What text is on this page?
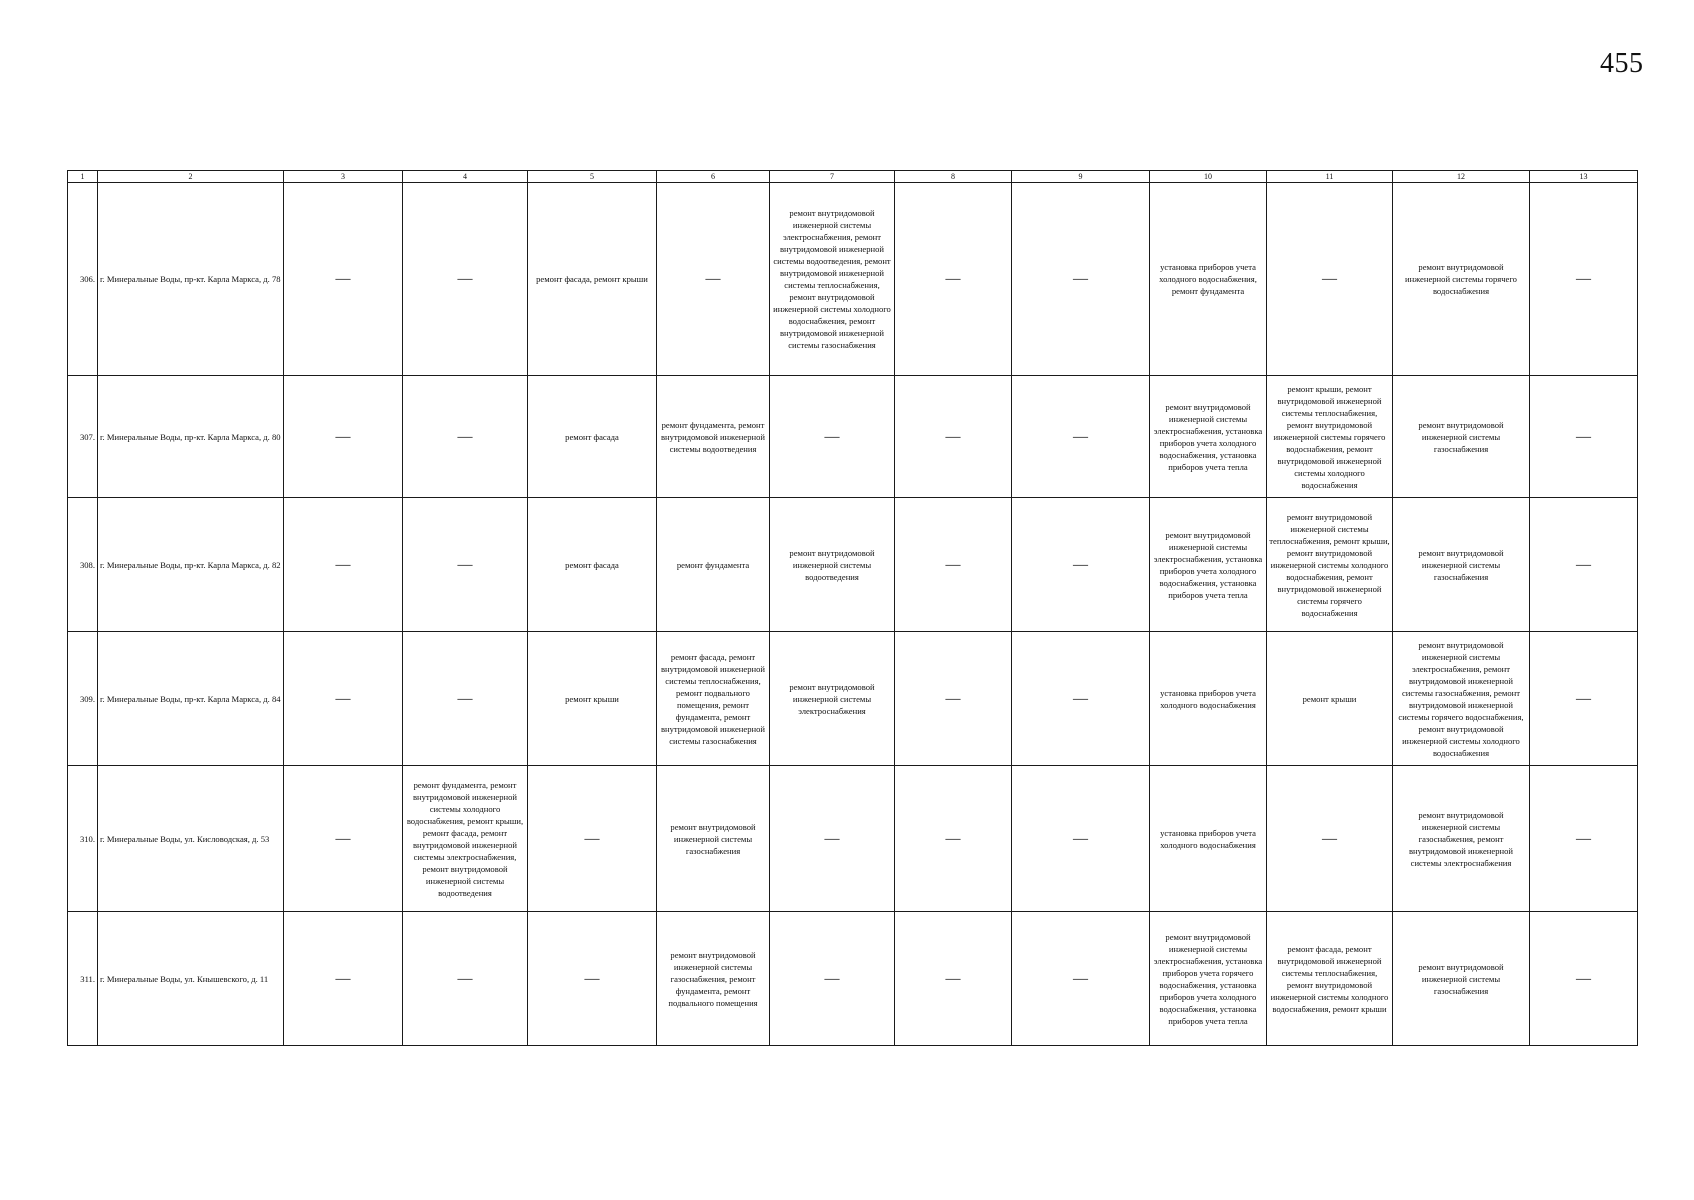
455
1	2	3	4	5	6	7	8	9	10	11	12	13
306.	г. Минеральные Воды, пр-кт. Карла Маркса, д. 78	—	—	ремонт фасада, ремонт крыши	—	ремонт внутридомовой инженерной системы электроснабжения, ремонт внутридомовой инженерной системы водоотведения, ремонт внутридомовой инженерной системы теплоснабжения, ремонт внутридомовой инженерной системы холодного водоснабжения, ремонт внутридомовой инженерной системы газоснабжения	—	—	установка приборов учета холодного водоснабжения, ремонт фундамента	—	ремонт внутридомовой инженерной системы горячего водоснабжения	—
307.	г. Минеральные Воды, пр-кт. Карла Маркса, д. 80	—	—	ремонт фасада	ремонт фундамента, ремонт внутридомовой инженерной системы водоотведения	—	—	—	ремонт внутридомовой инженерной системы электроснабжения, установка приборов учета холодного водоснабжения, установка приборов учета тепла	ремонт крыши, ремонт внутридомовой инженерной системы теплоснабжения, ремонт внутридомовой инженерной системы горячего водоснабжения, ремонт внутридомовой инженерной системы холодного водоснабжения	ремонт внутридомовой инженерной системы газоснабжения	—
308.	г. Минеральные Воды, пр-кт. Карла Маркса, д. 82	—	—	ремонт фасада	ремонт фундамента	ремонт внутридомовой инженерной системы водоотведения	—	—	ремонт внутридомовой инженерной системы электроснабжения, установка приборов учета холодного водоснабжения, установка приборов учета тепла	ремонт внутридомовой инженерной системы теплоснабжения, ремонт крыши, ремонт внутридомовой инженерной системы холодного водоснабжения, ремонт внутридомовой инженерной системы горячего водоснабжения	ремонт внутридомовой инженерной системы газоснабжения	—
309.	г. Минеральные Воды, пр-кт. Карла Маркса, д. 84	—	—	ремонт крыши	ремонт фасада, ремонт внутридомовой инженерной системы теплоснабжения, ремонт подвального помещения, ремонт фундамента, ремонт внутридомовой инженерной системы газоснабжения	ремонт внутридомовой инженерной системы электроснабжения	—	—	установка приборов учета холодного водоснабжения	ремонт крыши	ремонт внутридомовой инженерной системы электроснабжения, ремонт внутридомовой инженерной системы газоснабжения, ремонт внутридомовой инженерной системы горячего водоснабжения, ремонт внутридомовой инженерной системы холодного водоснабжения	—
310.	г. Минеральные Воды, ул. Кисловодская, д. 53	—	ремонт фундамента, ремонт внутридомовой инженерной системы холодного водоснабжения, ремонт крыши, ремонт фасада, ремонт внутридомовой инженерной системы электроснабжения, ремонт внутридомовой инженерной системы водоотведения	—	ремонт внутридомовой инженерной системы газоснабжения	—	—	—	установка приборов учета холодного водоснабжения	—	ремонт внутридомовой инженерной системы газоснабжения, ремонт внутридомовой инженерной системы электроснабжения	—
311.	г. Минеральные Воды, ул. Кнышевского, д. 11	—	—	—	ремонт внутридомовой инженерной системы газоснабжения, ремонт фундамента, ремонт подвального помещения	—	—	—	ремонт внутридомовой инженерной системы электроснабжения, установка приборов учета горячего водоснабжения, установка приборов учета холодного водоснабжения, установка приборов учета тепла	ремонт фасада, ремонт внутридомовой инженерной системы теплоснабжения, ремонт внутридомовой инженерной системы холодного водоснабжения, ремонт крыши	ремонт внутридомовой инженерной системы газоснабжения	—
